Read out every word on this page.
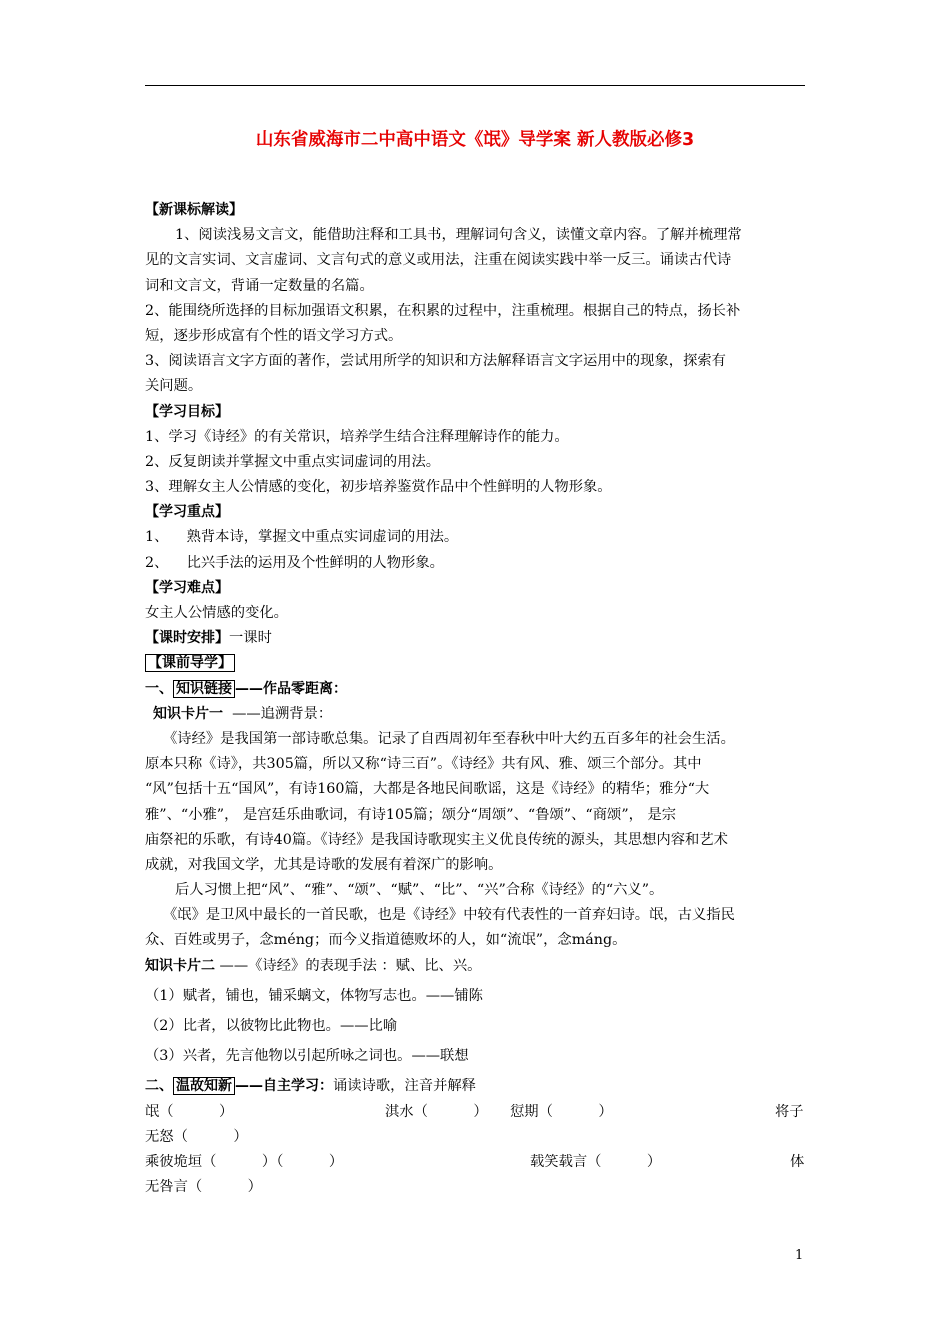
山东省威海市二中高中语文《氓》导学案 新人教版必修3
【新课标解读】
1、阅读浅易文言文，能借助注释和工具书，理解词句含义，读懂文章内容。了解并梳理常
见的文言实词、文言虚词、文言句式的意义或用法，注重在阅读实践中举一反三。诵读古代诗
词和文言文，背诵一定数量的名篇。
2、能围绕所选择的目标加强语文积累，在积累的过程中，注重梳理。根据自己的特点，扬长补
短，逐步形成富有个性的语文学习方式。
3、阅读语言文字方面的著作，尝试用所学的知识和方法解释语言文字运用中的现象，探索有
关问题。
【学习目标】
1、学习《诗经》的有关常识，培养学生结合注释理解诗作的能力。
2、反复朗读并掌握文中重点实词虚词的用法。
3、理解女主人公情感的变化，初步培养鉴赏作品中个性鲜明的人物形象。
【学习重点】
1、    熟背本诗，掌握文中重点实词虚词的用法。
2、    比兴手法的运用及个性鲜明的人物形象。
【学习难点】
女主人公情感的变化。
【课时安排】一课时
【课前导学】
一、 知识链接 ——作品零距离：
知识卡片一  ——追溯背景：
《诗经》是我国第一部诗歌总集。记录了自西周初年至春秋中叶大约五百多年的社会生活。
原本只称《诗》，共305篇，所以又称“诗三百”。《诗经》共有风、雅、颂三个部分。其中
“风”包括十五“国风”，有诗160篇，大都是各地民间歌谣，这是《诗经》的精华；雅分“大
雅”、“小雅”， 是宫廷乐曲歌词，有诗105篇；颂分“周颂”、“鲁颂”、“商颂”， 是宗
庙祭祀的乐歌，有诗40篇。《诗经》是我国诗歌现实主义优良传统的源头，其思想内容和艺术
成就，对我国文学，尤其是诗歌的发展有着深广的影响。
后人习惯上把“风”、“雅”、“颂”、“赋”、“比”、“兴”合称《诗经》的“六义”。
《氓》是卫风中最长的一首民歌，也是《诗经》中较有代表性的一首弃妇诗。氓，古义指民
众、百姓或男子，念méng；而今义指道德败坏的人，如“流氓”，念máng。
知识卡片二 ——《诗经》的表现手法 ：赋、比、兴。
（1）赋者，铺也，铺采螭文，体物写志也。——铺陈
（2）比者，以彼物比此物也。——比喻
（3）兴者，先言他物以引起所咏之词也。——联想
二、 温故知新 ——自主学习：诵读诗歌，注音并解释
氓（          ）	淇水（          ） 愆期（          ）	将子
无怒（          ）
乘彼垝垣（          ）（          ）	载笑载言（          ）	体
无咎言（          ）
1
